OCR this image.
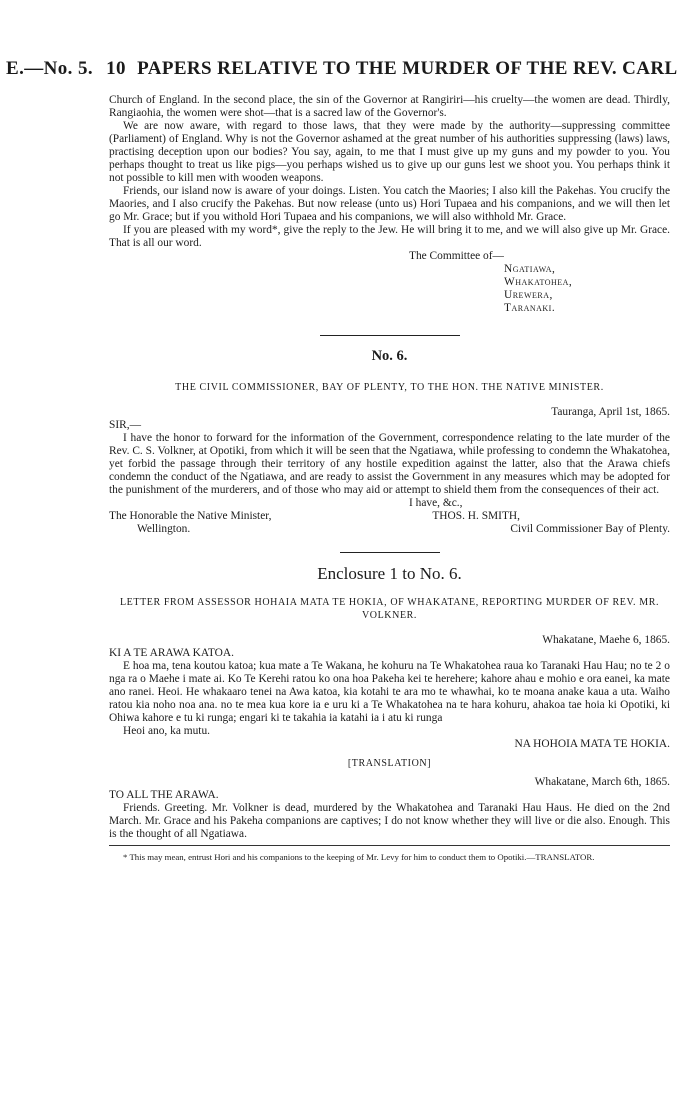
E.—No. 5. 10 PAPERS RELATIVE TO THE MURDER OF THE REV. CARL

Church of England. In the second place, the sin of the Governor at Rangiriri—his cruelty—the women are dead. Thirdly, Rangiaohia, the women were shot—that is a sacred law of the Governor's.

We are now aware, with regard to those laws, that they were made by the authority—suppressing committee (Parliament) of England. Why is not the Governor ashamed at the great number of his authorities suppressing (laws) laws, practising deception upon our bodies? You say, again, to me that I must give up my guns and my powder to you. You perhaps thought to treat us like pigs—you perhaps wished us to give up our guns lest we shoot you. You perhaps think it not possible to kill men with wooden weapons.

Friends, our island now is aware of your doings. Listen. You catch the Maories; I also kill the Pakehas. You crucify the Maories, and I also crucify the Pakehas. But now release (unto us) Hori Tupaea and his companions, and we will then let go Mr. Grace; but if you withold Hori Tupaea and his companions, we will also withhold Mr. Grace.

If you are pleased with my word*, give the reply to the Jew. He will bring it to me, and we will also give up Mr. Grace. That is all our word.

The Committee of—

Ngatiawa,

Whakatohea,

Urewera,

Taranaki.

No. 6.

THE CIVIL COMMISSIONER, BAY OF PLENTY, TO THE HON. THE NATIVE MINISTER.

Tauranga, April 1st, 1865.

SIR,—

I have the honor to forward for the information of the Government, correspondence relating to the late murder of the Rev. C. S. Volkner, at Opotiki, from which it will be seen that the Ngatiawa, while professing to condemn the Whakatohea, yet forbid the passage through their territory of any hostile expedition against the latter, also that the Arawa chiefs condemn the conduct of the Ngatiawa, and are ready to assist the Government in any measures which may be adopted for the punishment of the murderers, and of those who may aid or attempt to shield them from the consequences of their act.

I have, &c.,

The Honorable the Native Minister,	THOS. H. SMITH,
Wellington.	Civil Commissioner Bay of Plenty.
Enclosure 1 to No. 6.

LETTER FROM ASSESSOR HOHAIA MATA TE HOKIA, OF WHAKATANE, REPORTING MURDER OF REV. MR.

VOLKNER.

Whakatane, Maehe 6, 1865.

KI A TE ARAWA KATOA.

E hoa ma, tena koutou katoa; kua mate a Te Wakana, he kohuru na Te Whakatohea raua ko Taranaki Hau Hau; no te 2 o nga ra o Maehe i mate ai. Ko Te Kerehi ratou ko ona hoa Pakeha kei te herehere; kahore ahau e mohio e ora eanei, ka mate ano ranei. Heoi. He whakaaro tenei na Awa katoa, kia kotahi te ara mo te whawhai, ko te moana anake kaua a uta. Waiho ratou kia noho noa ana. no te mea kua kore ia e uru ki a Te Whakatohea na te hara kohuru, ahakoa tae hoia ki Opotiki, ki Ohiwa kahore e tu ki runga; engari ki te takahia ia katahi ia i atu ki runga

Heoi ano, ka mutu.

NA HOHOIA MATA TE HOKIA.

[TRANSLATION]

Whakatane, March 6th, 1865.

TO ALL THE ARAWA.

Friends. Greeting. Mr. Volkner is dead, murdered by the Whakatohea and Taranaki Hau Haus. He died on the 2nd March. Mr. Grace and his Pakeha companions are captives; I do not know whether they will live or die also. Enough. This is the thought of all Ngatiawa.

* This may mean, entrust Hori and his companions to the keeping of Mr. Levy for him to conduct them to Opotiki.—TRANSLATOR.
